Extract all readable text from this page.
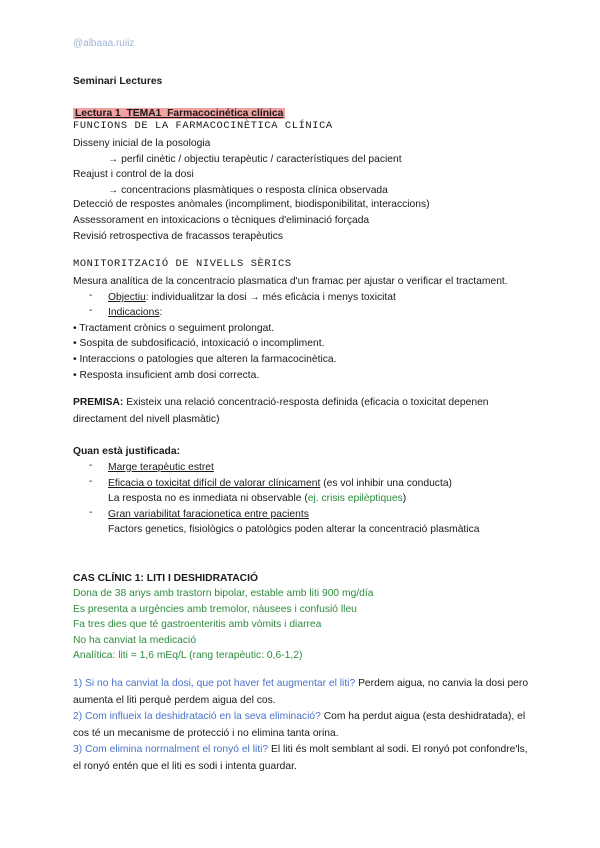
@albaaa.ruiiz
Seminari Lectures
Lectura 1_TEMA1_Farmacocinética clínica
FUNCIONS DE LA FARMACOCINÈTICA CLÍNICA
Disseny inicial de la posologia
→ perfil cinètic / objectiu terapèutic / característiques del pacient
Reajust i control de la dosi
→ concentracions plasmàtiques o resposta clínica observada
Detecció de respostes anòmales (incompliment, biodisponibilitat, interaccions)
Assessorament en intoxicacions o tècniques d'eliminació forçada
Revisió retrospectiva de fracassos terapèutics
MONITORITZACIÓ DE NIVELLS SÈRICS
Mesura analítica de la concentracio plasmatica d'un framac per ajustar o verificar el tractament.
- Objectiu: individualitzar la dosi → més eficàcia i menys toxicitat
- Indicacions:
• Tractament crònics o seguiment prolongat.
• Sospita de subdosificació, intoxicació o incompliment.
• Interaccions o patologies que alteren la farmacocinètica.
• Resposta insuficient amb dosi correcta.
PREMISA: Existeix una relació concentració-resposta definida (eficacia o toxicitat depenen directament del nivell plasmàtic)
Quan està justificada:
- Marge terapèutic estret
- Eficacia o toxicitat difícil de valorar clínicament (es vol inhibir una conducta)
La resposta no es inmediata ni observable (ej. crisis epilèptiques)
- Gran variabilitat faracionetica entre pacients
Factors genetics, fisiològics o patològics poden alterar la concentració plasmàtica
CAS CLÍNIC 1: LITI I DESHIDRATACIÓ
Dona de 38 anys amb trastorn bipolar, estable amb liti 900 mg/día
Es presenta a urgències amb tremolor, nàusees i confusió lleu
Fa tres dies que té gastroenteritis amb vòmits i diarrea
No ha canviat la medicació
Analítica: liti = 1,6 mEq/L (rang terapèutic: 0,6-1,2)
1) Si no ha canviat la dosi, que pot haver fet augmentar el liti? Perdem aigua, no canvia la dosi pero aumenta el liti perquè perdem aigua del cos.
2) Com influeix la deshidratació en la seva eliminació? Com ha perdut aigua (esta deshidratada), el cos té un mecanisme de protecció i no elimina tanta orina.
3) Com elimina normalment el ronyó el liti? El liti és molt semblant al sodi. El ronyó pot confondre'ls, el ronyó entén que el liti es sodi i intenta guardar.
